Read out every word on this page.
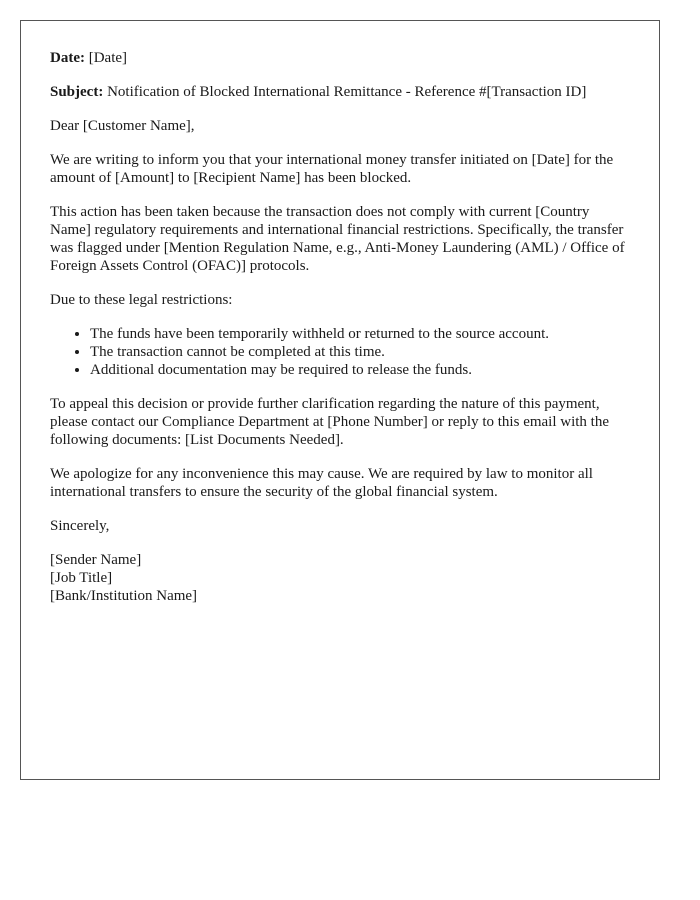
Date: [Date]

Subject: Notification of Blocked International Remittance - Reference #[Transaction ID]

Dear [Customer Name],

We are writing to inform you that your international money transfer initiated on [Date] for the amount of [Amount] to [Recipient Name] has been blocked.

This action has been taken because the transaction does not comply with current [Country Name] regulatory requirements and international financial restrictions. Specifically, the transfer was flagged under [Mention Regulation Name, e.g., Anti-Money Laundering (AML) / Office of Foreign Assets Control (OFAC)] protocols.

Due to these legal restrictions:

• The funds have been temporarily withheld or returned to the source account.
• The transaction cannot be completed at this time.
• Additional documentation may be required to release the funds.

To appeal this decision or provide further clarification regarding the nature of this payment, please contact our Compliance Department at [Phone Number] or reply to this email with the following documents: [List Documents Needed].

We apologize for any inconvenience this may cause. We are required by law to monitor all international transfers to ensure the security of the global financial system.

Sincerely,

[Sender Name]
[Job Title]
[Bank/Institution Name]
